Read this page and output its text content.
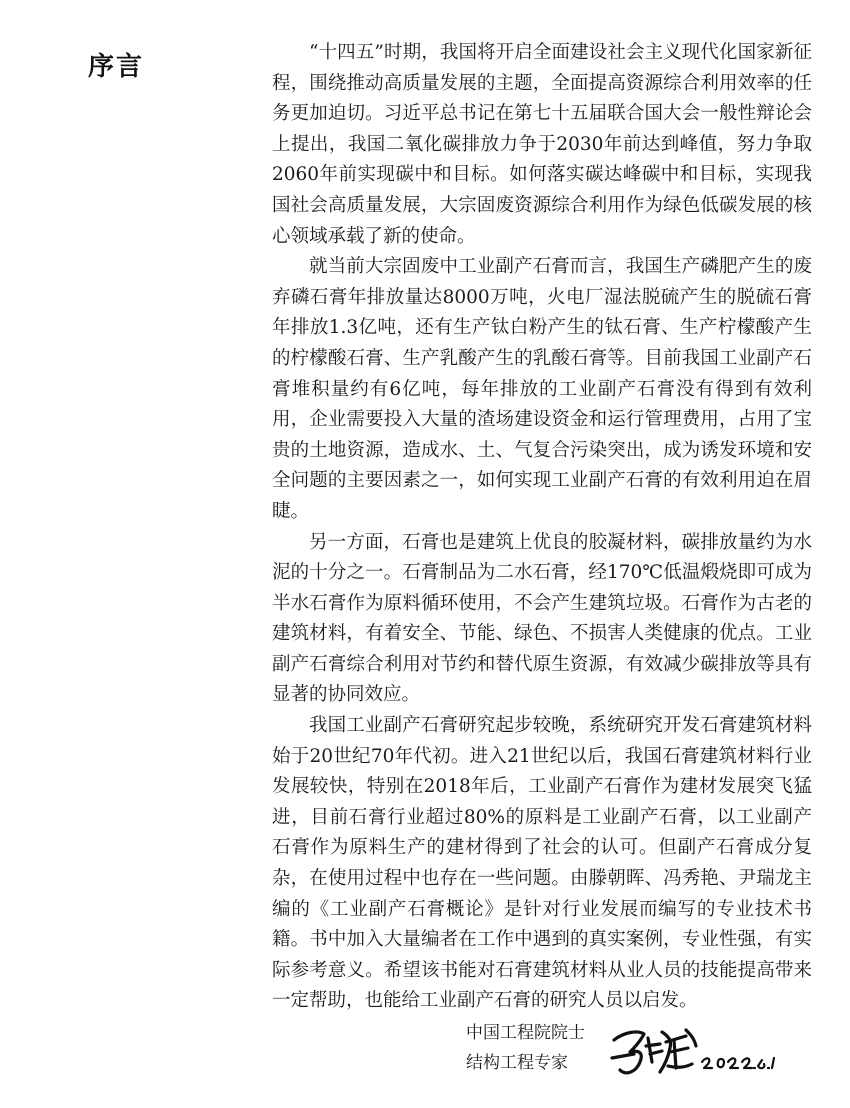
序言	“十四五”时期，我国将开启全面建设社会主义现代化国家新征程，围绕推动高质量发展的主题，全面提高资源综合利用效率的任务更加迫切。习近平总书记在第七十五届联合国大会一般性辩论会上提出，我国二氧化碳排放力争于2030年前达到峰值，努力争取2060年前实现碳中和目标。如何落实碳达峰碳中和目标，实现我国社会高质量发展，大宗固废资源综合利用作为绿色低碳发展的核心领域承载了新的使命。

就当前大宗固废中工业副产石膏而言，我国生产磷肥产生的废弃磷石膏年排放量达8000万吨，火电厂湿法脱硫产生的脱硫石膏年排放1.3亿吨，还有生产钛白粉产生的钛石膏、生产柠檬酸产生的柠檬酸石膏、生产乳酸产生的乳酸石膏等。目前我国工业副产石膏堆积量约有6亿吨，每年排放的工业副产石膏没有得到有效利用，企业需要投入大量的渣场建设资金和运行管理费用，占用了宝贵的土地资源，造成水、土、气复合污染突出，成为诱发环境和安全问题的主要因素之一，如何实现工业副产石膏的有效利用迫在眉睫。

另一方面，石膏也是建筑上优良的胶凝材料，碳排放量约为水泥的十分之一。石膏制品为二水石膏，经170℃低温煅烧即可成为半水石膏作为原料循环使用，不会产生建筑垃圾。石膏作为古老的建筑材料，有着安全、节能、绿色、不损害人类健康的优点。工业副产石膏综合利用对节约和替代原生资源，有效减少碳排放等具有显著的协同效应。

我国工业副产石膏研究起步较晚，系统研究开发石膏建筑材料始于20世纪70年代初。进入21世纪以后，我国石膏建筑材料行业发展较快，特别在2018年后，工业副产石膏作为建材发展突飞猛进，目前石膏行业超过80%的原料是工业副产石膏，以工业副产石膏作为原料生产的建材得到了社会的认可。但副产石膏成分复杂，在使用过程中也存在一些问题。由滕朝晖、冯秀艳、尹瑞龙主编的《工业副产石膏概论》是针对行业发展而编写的专业技术书籍。书中加入大量编者在工作中遇到的真实案例，专业性强，有实际参考意义。希望该书能对石膏建筑材料从业人员的技能提高带来一定帮助，也能给工业副产石膏的研究人员以启发。

中国工程院院士
结构工程专家
